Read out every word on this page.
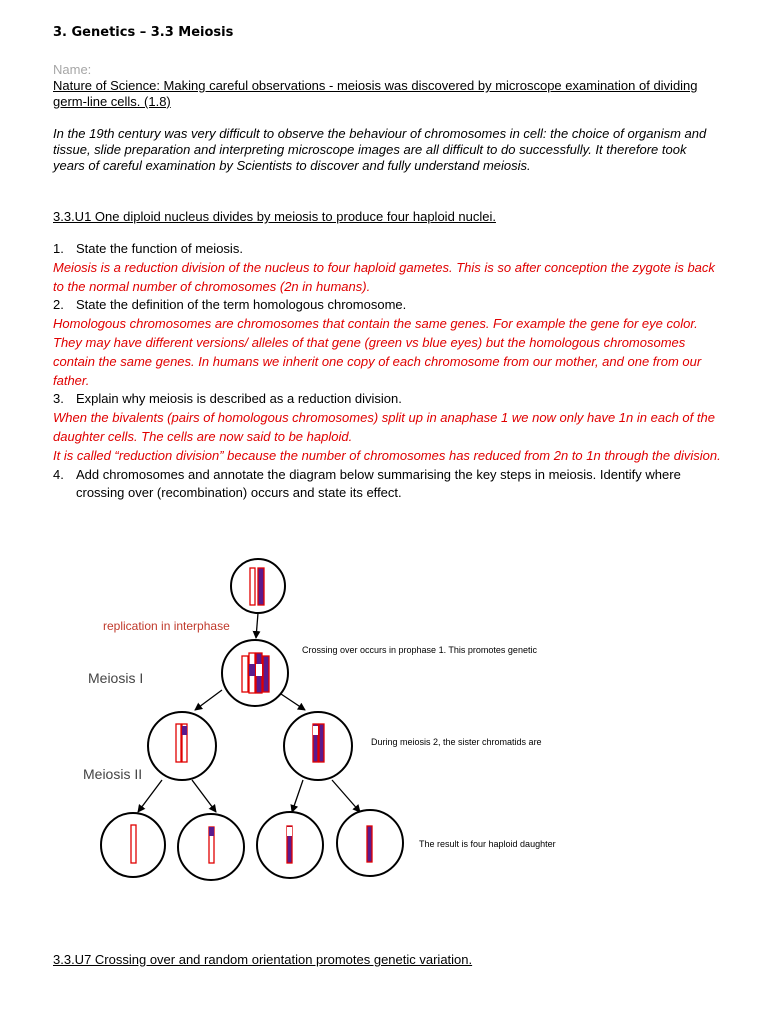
3. Genetics – 3.3 Meiosis
Name:
Nature of Science: Making careful observations - meiosis was discovered by microscope examination of dividing germ-line cells. (1.8)
In the 19th century was very difficult to observe the behaviour of chromosomes in cell: the choice of organism and tissue, slide preparation and interpreting microscope images are all difficult to do successfully. It therefore took years of careful examination by Scientists to discover and fully understand meiosis.
3.3.U1 One diploid nucleus divides by meiosis to produce four haploid nuclei.
1. State the function of meiosis.
Meiosis is a reduction division of the nucleus to four haploid gametes. This is so after conception the zygote is back to the normal number of chromosomes (2n in humans).
2. State the definition of the term homologous chromosome.
Homologous chromosomes are chromosomes that contain the same genes. For example the gene for eye color. They may have different versions/ alleles of that gene (green vs blue eyes) but the homologous chromosomes contain the same genes. In humans we inherit one copy of each chromosome from our mother, and one from our father.
3. Explain why meiosis is described as a reduction division.
When the bivalents (pairs of homologous chromosomes) split up in anaphase 1 we now only have 1n in each of the daughter cells. The cells are now said to be haploid.
It is called “reduction division” because the number of chromosomes has reduced from 2n to 1n through the division.
4. Add chromosomes and annotate the diagram below summarising the key steps in meiosis. Identify where crossing over (recombination) occurs and state its effect.
replication in interphase
Meiosis I
Meiosis II
Crossing over occurs in prophase 1. This promotes genetic
During meiosis 2, the sister chromatids are
The result is four haploid daughter
3.3.U7 Crossing over and random orientation promotes genetic variation.
